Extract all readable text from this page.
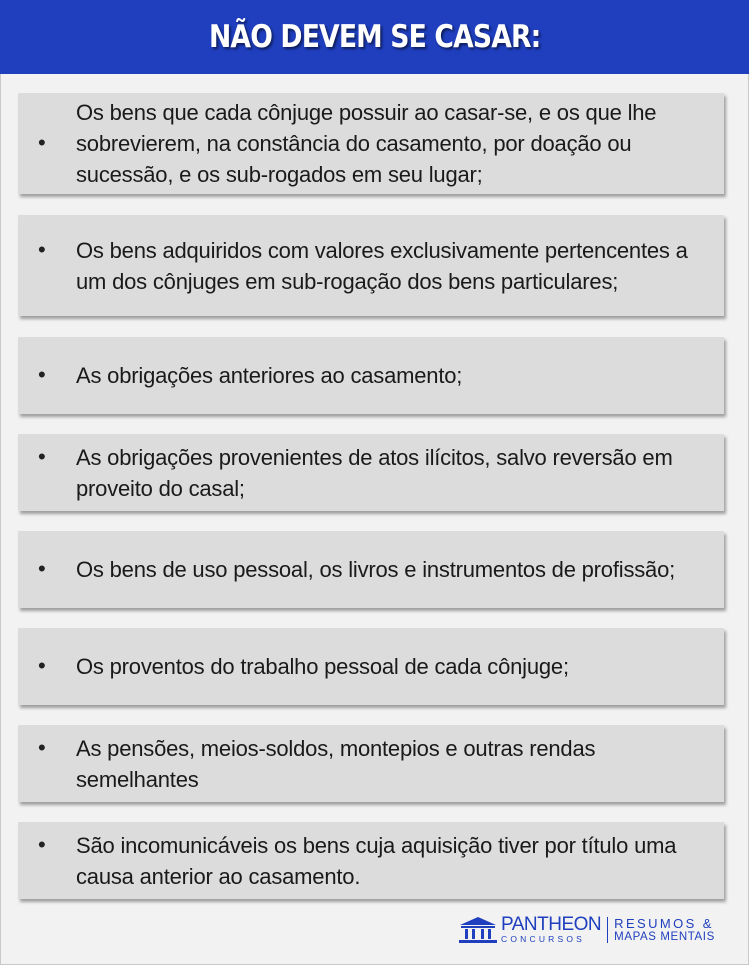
NÃO DEVEM SE CASAR:
•
Os bens que cada cônjuge possuir ao casar-se, e os que lhe sobrevierem, na constância do casamento, por doação ou sucessão, e os sub-rogados em seu lugar;
• Os bens adquiridos com valores exclusivamente pertencentes a um dos cônjuges em sub-rogação dos bens particulares;
• As obrigações anteriores ao casamento;
• As obrigações provenientes de atos ilícitos, salvo reversão em proveito do casal;
• Os bens de uso pessoal, os livros e instrumentos de profissão;
• Os proventos do trabalho pessoal de cada cônjuge;
• As pensões, meios-soldos, montepios e outras rendas semelhantes
• São incomunicáveis os bens cuja aquisição tiver por título uma causa anterior ao casamento.
PANTHEON
CONCURSOS
RESUMOS &
MAPAS MENTAIS
